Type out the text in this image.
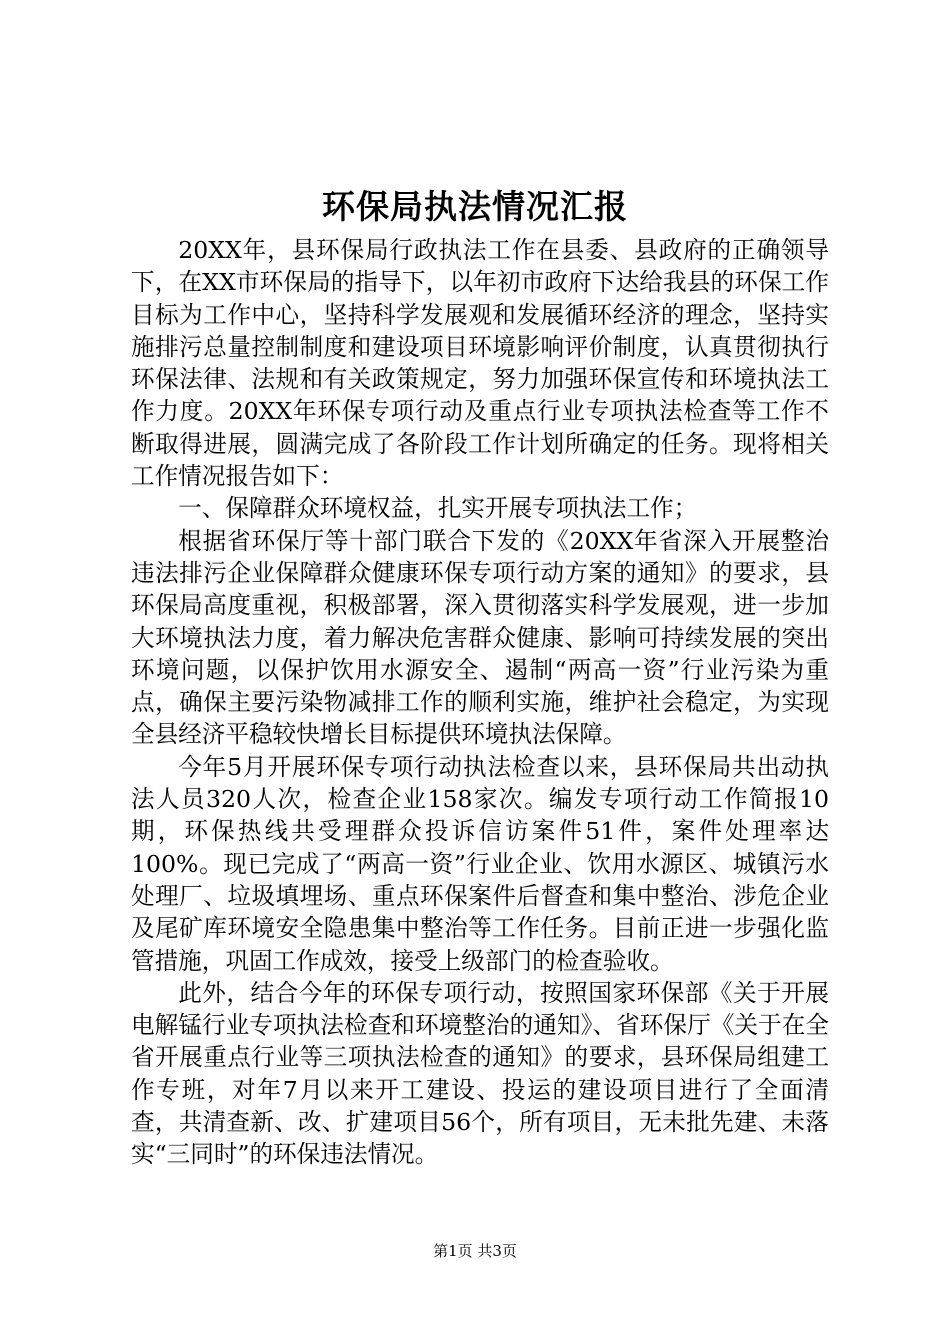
环保局执法情况汇报

20XX年，县环保局行政执法工作在县委、县政府的正确领导下，在XX市环保局的指导下，以年初市政府下达给我县的环保工作目标为工作中心，坚持科学发展观和发展循环经济的理念，坚持实施排污总量控制制度和建设项目环境影响评价制度，认真贯彻执行环保法律、法规和有关政策规定，努力加强环保宣传和环境执法工作力度。20XX年环保专项行动及重点行业专项执法检查等工作不断取得进展，圆满完成了各阶段工作计划所确定的任务。现将相关工作情况报告如下：

一、保障群众环境权益，扎实开展专项执法工作；

根据省环保厅等十部门联合下发的《20XX年省深入开展整治违法排污企业保障群众健康环保专项行动方案的通知》的要求，县环保局高度重视，积极部署，深入贯彻落实科学发展观，进一步加大环境执法力度，着力解决危害群众健康、影响可持续发展的突出环境问题，以保护饮用水源安全、遏制“两高一资”行业污染为重点，确保主要污染物减排工作的顺利实施，维护社会稳定，为实现全县经济平稳较快增长目标提供环境执法保障。

今年5月开展环保专项行动执法检查以来，县环保局共出动执法人员320人次，检查企业158家次。编发专项行动工作简报10期，环保热线共受理群众投诉信访案件51件，案件处理率达100%。现已完成了“两高一资”行业企业、饮用水源区、城镇污水处理厂、垃圾填埋场、重点环保案件后督查和集中整治、涉危企业及尾矿库环境安全隐患集中整治等工作任务。目前正进一步强化监管措施，巩固工作成效，接受上级部门的检查验收。

此外，结合今年的环保专项行动，按照国家环保部《关于开展电解锰行业专项执法检查和环境整治的通知》、省环保厅《关于在全省开展重点行业等三项执法检查的通知》的要求，县环保局组建工作专班，对年7月以来开工建设、投运的建设项目进行了全面清查，共清查新、改、扩建项目56个，所有项目，无未批先建、未落实“三同时”的环保违法情况。

第1页 共3页
